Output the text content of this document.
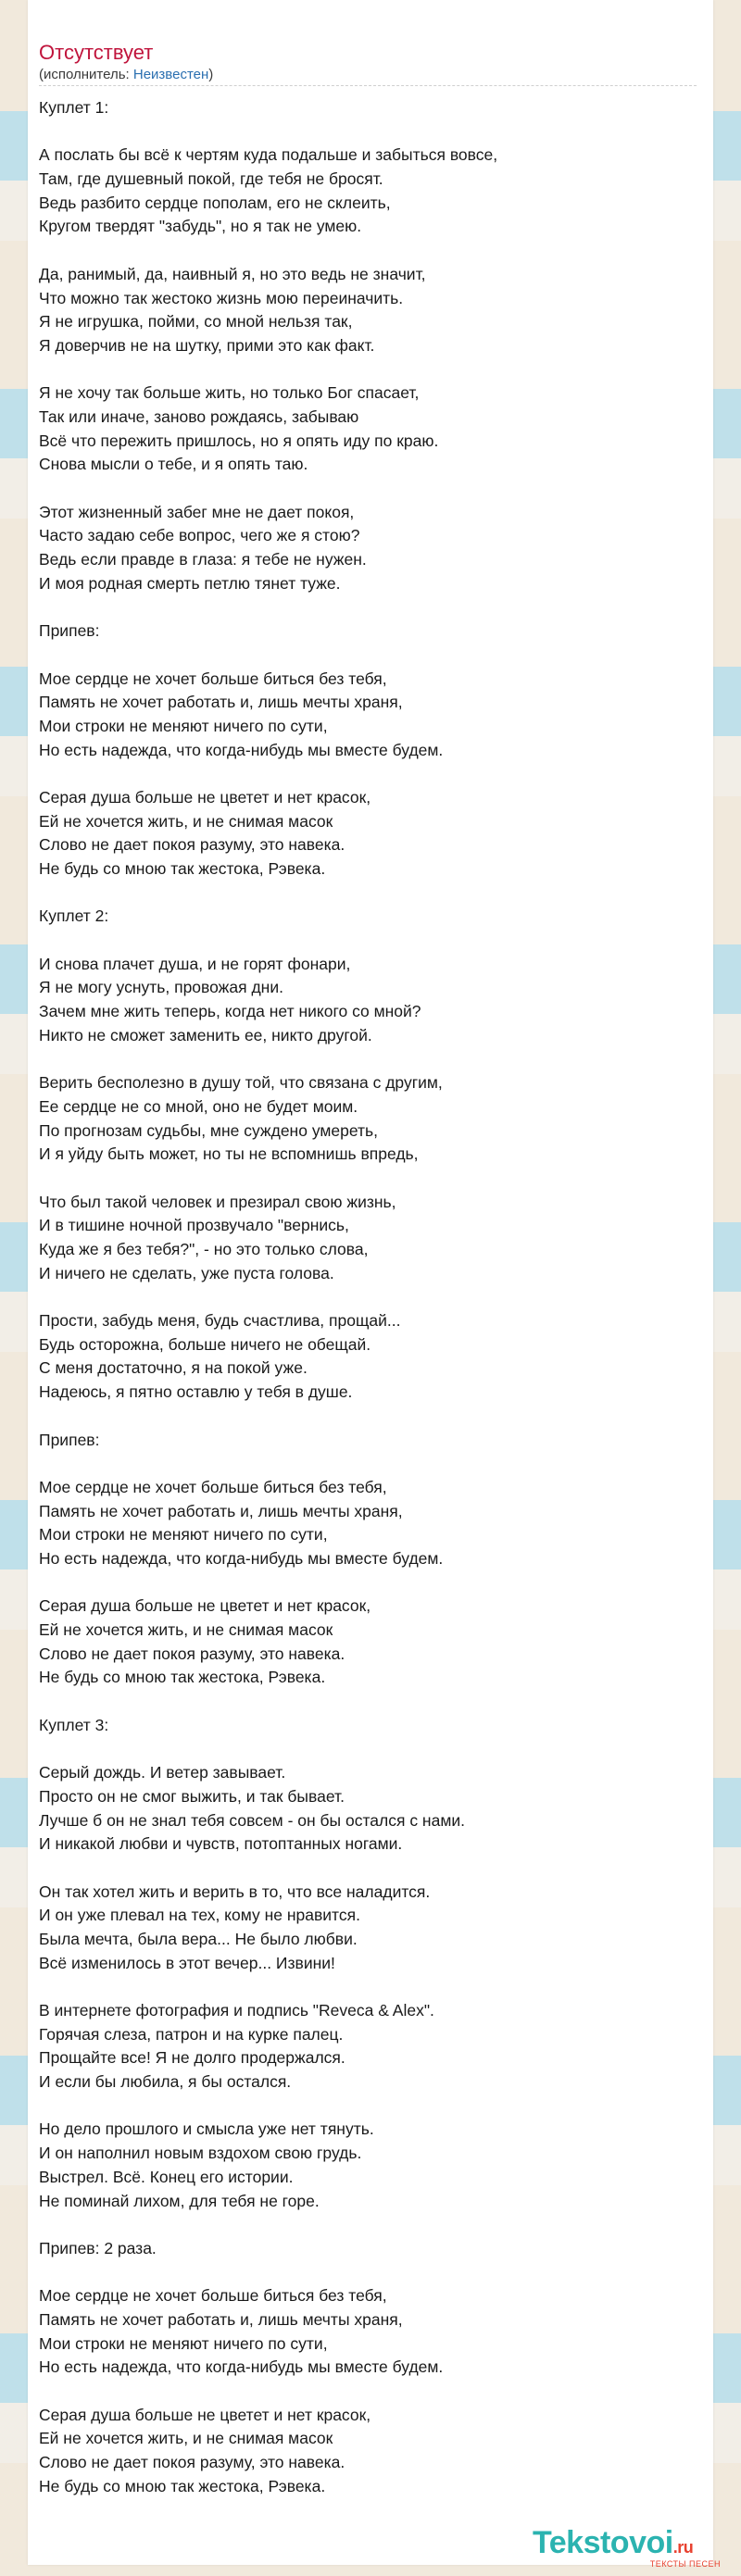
Отсутствует
(исполнитель: Неизвестен)
Куплет 1:
А послать бы всё к чертям куда подальше и забыться вовсе,
Там, где душевный покой, где тебя не бросят.
Ведь разбито сердце пополам, его не склеить,
Кругом твердят "забудь", но я так не умею.
Да, ранимый, да, наивный я, но это ведь не значит,
Что можно так жестоко жизнь мою переиначить.
Я не игрушка, пойми, со мной нельзя так,
Я доверчив не на шутку, прими это как факт.
Я не хочу так больше жить, но только Бог спасает,
Так или иначе, заново рождаясь, забываю
Всё что пережить пришлось, но я опять иду по краю.
Снова мысли о тебе, и я опять таю.
Этот жизненный забег мне не дает покоя,
Часто задаю себе вопрос, чего же я стою?
Ведь если правде в глаза: я тебе не нужен.
И моя родная смерть петлю тянет туже.
Припев:
Мое сердце не хочет больше биться без тебя,
Память не хочет работать и, лишь мечты храня,
Мои строки не меняют ничего по сути,
Но есть надежда, что когда-нибудь мы вместе будем.
Серая душа больше не цветет и нет красок,
Ей не хочется жить, и не снимая масок
Слово не дает покоя разуму, это навека.
Не будь со мною так жестока, Рэвека.
Куплет 2:
И снова плачет душа, и не горят фонари,
Я не могу уснуть, провожая дни.
Зачем мне жить теперь, когда нет никого со мной?
Никто не сможет заменить ее, никто другой.
Верить бесполезно в душу той, что связана с другим,
Ее сердце не со мной, оно не будет моим.
По прогнозам судьбы, мне суждено умереть,
И я уйду быть может, но ты не вспомнишь впредь,
Что был такой человек и презирал свою жизнь,
И в тишине ночной прозвучало "вернись,
Куда же я без тебя?", - но это только слова,
И ничего не сделать, уже пуста голова.
Прости, забудь меня, будь счастлива, прощай...
Будь осторожна, больше ничего не обещай.
С меня достаточно, я на покой уже.
Надеюсь, я пятно оставлю у тебя в душе.
Припев:
Мое сердце не хочет больше биться без тебя,
Память не хочет работать и, лишь мечты храня,
Мои строки не меняют ничего по сути,
Но есть надежда, что когда-нибудь мы вместе будем.
Серая душа больше не цветет и нет красок,
Ей не хочется жить, и не снимая масок
Слово не дает покоя разуму, это навека.
Не будь со мною так жестока, Рэвека.
Куплет 3:
Серый дождь. И ветер завывает.
Просто он не смог выжить, и так бывает.
Лучше б он не знал тебя совсем - он бы остался с нами.
И никакой любви и чувств, потоптанных ногами.
Он так хотел жить и верить в то, что все наладится.
И он уже плевал на тех, кому не нравится.
Была мечта, была вера... Не было любви.
Всё изменилось в этот вечер... Извини!
В интернете фотография и подпись "Reveca & Alex".
Горячая слеза, патрон и на курке палец.
Прощайте все! Я не долго продержался.
И если бы любила, я бы остался.
Но дело прошлого и смысла уже нет тянуть.
И он наполнил новым вздохом свою грудь.
Выстрел. Всё. Конец его истории.
Не поминай лихом, для тебя не горе.
Припев: 2 раза.
Мое сердце не хочет больше биться без тебя,
Память не хочет работать и, лишь мечты храня,
Мои строки не меняют ничего по сути,
Но есть надежда, что когда-нибудь мы вместе будем.
Серая душа больше не цветет и нет красок,
Ей не хочется жить, и не снимая масок
Слово не дает покоя разуму, это навека.
Не будь со мною так жестока, Рэвека.
Tekstovoi.ru
ТЕКСТЫ ПЕСЕН
